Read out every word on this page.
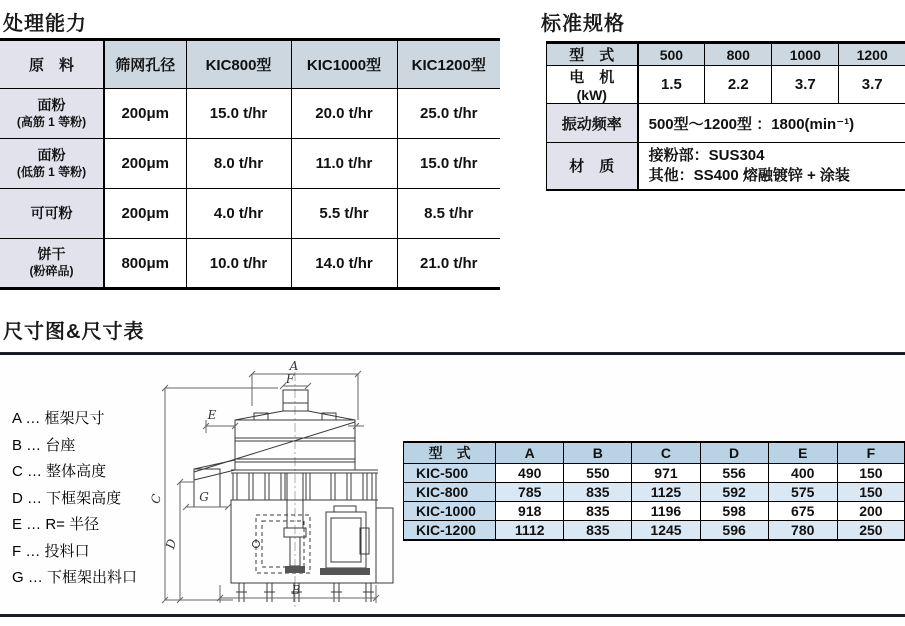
处理能力
原　料	筛网孔径	KIC800型	KIC1000型	KIC1200型

面粉
(高筋 1 等粉)	200μm	15.0 t/hr	20.0 t/hr	25.0 t/hr

面粉
(低筋 1 等粉)	200μm	8.0 t/hr	11.0 t/hr	15.0 t/hr

可可粉	200μm	4.0 t/hr	5.5 t/hr	8.5 t/hr

饼干
(粉碎品)	800μm	10.0 t/hr	14.0 t/hr	21.0 t/hr
标准规格
型　式	500	800	1000	1200

电　机
(kW)	1.5	2.2	3.7	3.7
振动频率	500型～1200型 ：1800(min⁻¹)			
材　质	接粉部：SUS304
其他：SS400 熔融镀锌 + 涂装			
尺寸图&尺寸表
A … 框架尺寸
B … 台座
C … 整体高度
D … 下框架高度
E … R= 半径
F … 投料口
G … 下框架出料口
A
F
E
C
D
G
B
型　式	A	B	C	D	E	F
KIC-500	490	550	971	556	400	150
KIC-800	785	835	1125	592	575	150
KIC-1000	918	835	1196	598	675	200
KIC-1200	1112	835	1245	596	780	250
